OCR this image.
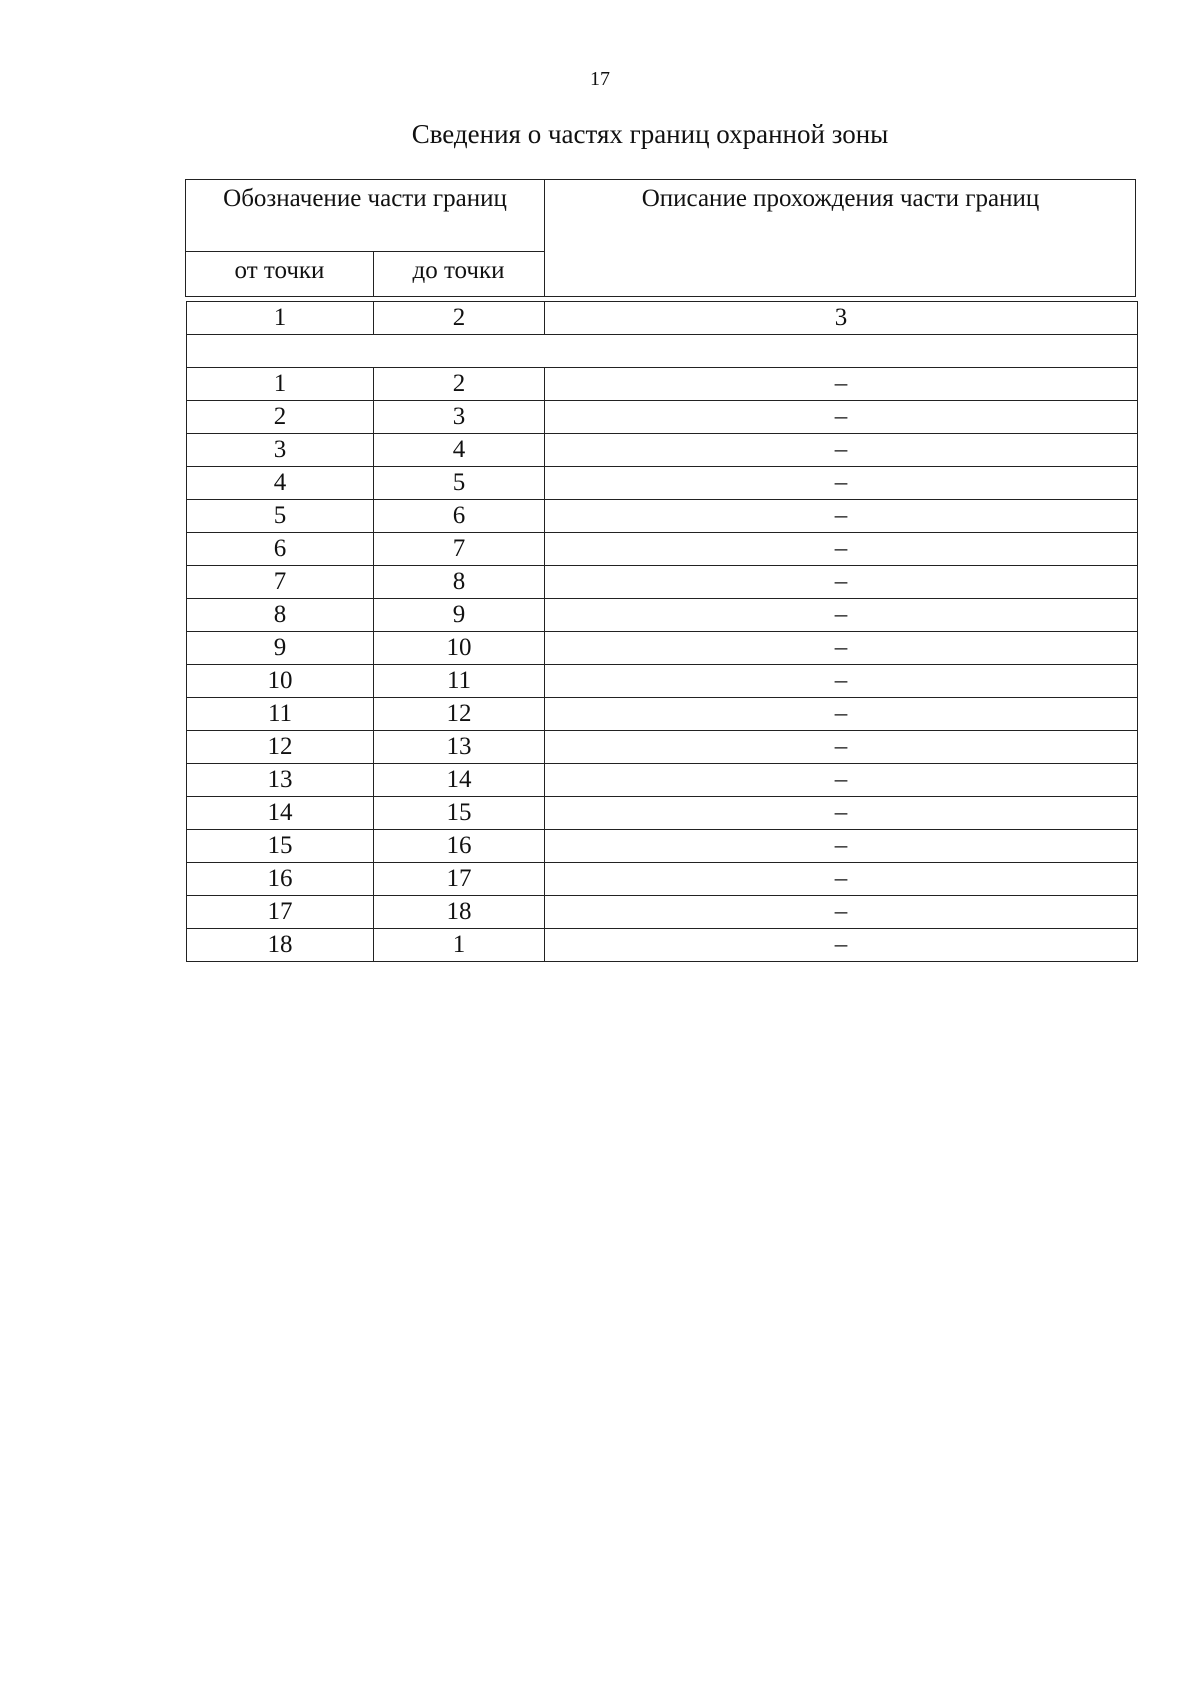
17
Сведения о частях границ охранной зоны
Обозначение части границ	Описание прохождения части границ
от точки	до точки
1	2	3

1	2	–
2	3	–
3	4	–
4	5	–
5	6	–
6	7	–
7	8	–
8	9	–
9	10	–
10	11	–
11	12	–
12	13	–
13	14	–
14	15	–
15	16	–
16	17	–
17	18	–
18	1	–
